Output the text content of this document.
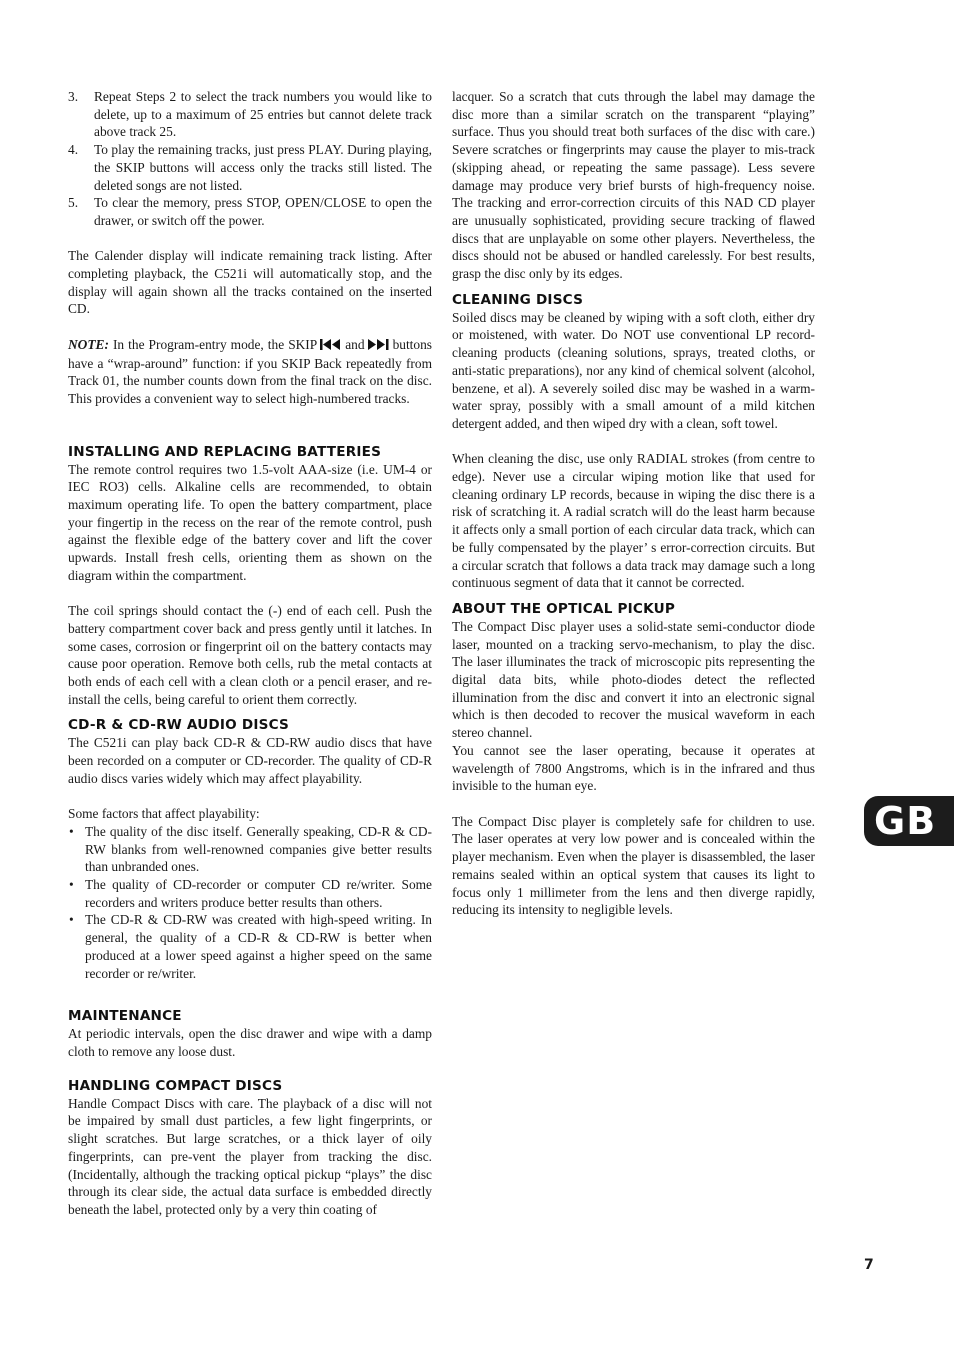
3. Repeat Steps 2 to select the track numbers you would like to delete, up to a maximum of 25 entries but cannot delete track above track 25.
4. To play the remaining tracks, just press PLAY. During playing, the SKIP buttons will access only the tracks still listed. The deleted songs are not listed.
5. To clear the memory, press STOP, OPEN/CLOSE to open the drawer, or switch off the power.

The Calender display will indicate remaining track listing. After completing playback, the C521i will automatically stop, and the display will again shown all the tracks contained on the inserted CD.

NOTE: In the Program-entry mode, the SKIP and buttons have a “wrap-around” function: if you SKIP Back repeatedly from Track 01, the number counts down from the final track on the disc. This provides a convenient way to select high-numbered tracks.

INSTALLING AND REPLACING BATTERIES

The remote control requires two 1.5-volt AAA-size (i.e. UM-4 or IEC RO3) cells. Alkaline cells are recommended, to obtain maximum operating life. To open the battery compartment, place your fingertip in the recess on the rear of the remote control, push against the flexible edge of the battery cover and lift the cover upwards. Install fresh cells, orienting them as shown on the diagram within the compartment.

The coil springs should contact the (-) end of each cell. Push the battery compartment cover back and press gently until it latches. In some cases, corrosion or fingerprint oil on the battery contacts may cause poor operation. Remove both cells, rub the metal contacts at both ends of each cell with a clean cloth or a pencil eraser, and re-install the cells, being careful to orient them correctly.

CD-R & CD-RW AUDIO DISCS

The C521i can play back CD-R & CD-RW audio discs that have been recorded on a computer or CD-recorder. The quality of CD-R audio discs varies widely which may affect playability.

Some factors that affect playability:

• The quality of the disc itself. Generally speaking, CD-R & CD-RW blanks from well-renowned companies give better results than unbranded ones.
• The quality of CD-recorder or computer CD re/writer. Some recorders and writers produce better results than others.
• The CD-R & CD-RW was created with high-speed writing. In general, the quality of a CD-R & CD-RW is better when produced at a lower speed against a higher speed on the same recorder or re/writer.
MAINTENANCE

At periodic intervals, open the disc drawer and wipe with a damp cloth to remove any loose dust.

HANDLING COMPACT DISCS

Handle Compact Discs with care. The playback of a disc will not be impaired by small dust particles, a few light fingerprints, or slight scratches. But large scratches, or a thick layer of oily fingerprints, can pre-vent the player from tracking the disc. (Incidentally, although the tracking optical pickup “plays” the disc through its clear side, the actual data surface is embedded directly beneath the label, protected only by a very thin coating of

lacquer. So a scratch that cuts through the label may damage the disc more than a similar scratch on the transparent “playing” surface. Thus you should treat both surfaces of the disc with care.) Severe scratches or fingerprints may cause the player to mis-track (skipping ahead, or repeating the same passage). Less severe damage may produce very brief bursts of high-frequency noise. The tracking and error-correction circuits of this NAD CD player are unusually sophisticated, providing secure tracking of flawed discs that are unplayable on some other players. Nevertheless, the discs should not be abused or handled carelessly. For best results, grasp the disc only by its edges.

CLEANING DISCS

Soiled discs may be cleaned by wiping with a soft cloth, either dry or moistened, with water. Do NOT use conventional LP record-cleaning products (cleaning solutions, sprays, treated cloths, or anti-static preparations), nor any kind of chemical solvent (alcohol, benzene, et al). A severely soiled disc may be washed in a warm-water spray, possibly with a small amount of a mild kitchen detergent added, and then wiped dry with a clean, soft towel.

When cleaning the disc, use only RADIAL strokes (from centre to edge). Never use a circular wiping motion like that used for cleaning ordinary LP records, because in wiping the disc there is a risk of scratching it. A radial scratch will do the least harm because it affects only a small portion of each circular data track, which can be fully compensated by the player’ s error-correction circuits. But a circular scratch that follows a data track may damage such a long continuous segment of data that it cannot be corrected.

ABOUT THE OPTICAL PICKUP

The Compact Disc player uses a solid-state semi-conductor diode laser, mounted on a tracking servo-mechanism, to play the disc. The laser illuminates the track of microscopic pits representing the digital data bits, while photo-diodes detect the reflected illumination from the disc and convert it into an electronic signal which is then decoded to recover the musical waveform in each stereo channel.

You cannot see the laser operating, because it operates at wavelength of 7800 Angstroms, which is in the infrared and thus invisible to the human eye.

The Compact Disc player is completely safe for children to use. The laser operates at very low power and is concealed within the player mechanism. Even when the player is disassembled, the laser remains sealed within an optical system that causes its light to focus only 1 millimeter from the lens and then diverge rapidly, reducing its intensity to negligible levels.

GB
7
